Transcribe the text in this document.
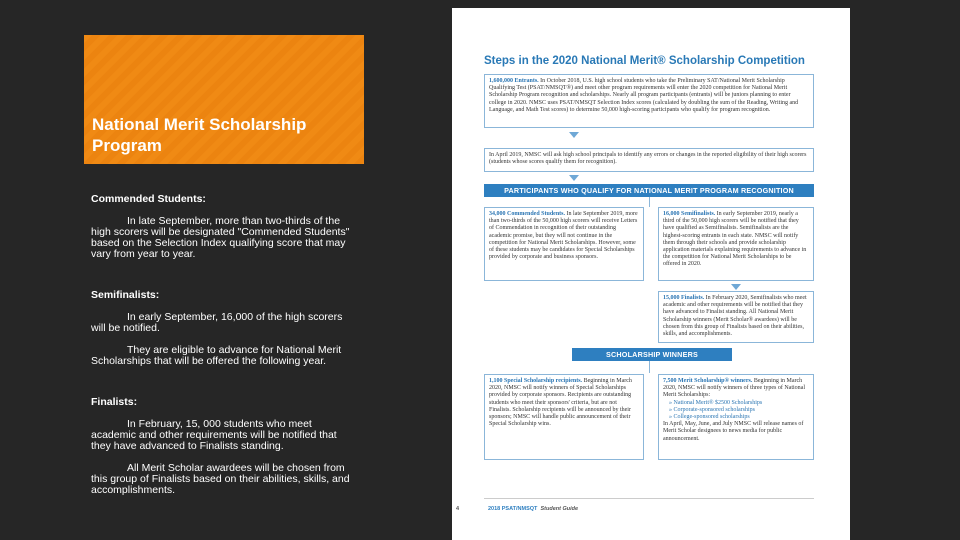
National Merit Scholarship Program

Commended Students:

In late September, more than two-thirds of the high scorers will be designated "Commended Students" based on the Selection Index qualifying score that may vary from year to year.

Semifinalists:

In early September, 16,000 of the high scorers will be notified.

They are eligible to advance for National Merit Scholarships that will be offered the following year.

Finalists:

In February, 15, 000 students who meet academic and other requirements will be notified that they have advanced to Finalists standing.

All Merit Scholar awardees will be chosen from this group of Finalists based on their abilities, skills, and accomplishments.

Steps in the 2020 National Merit® Scholarship Competition
1,600,000 Entrants. In October 2018, U.S. high school students who take the Preliminary SAT/National Merit Scholarship Qualifying Test (PSAT/NMSQT®) and meet other program requirements will enter the 2020 competition for National Merit Scholarship Program recognition and scholarships. Nearly all program participants (entrants) will be juniors planning to enter college in 2020. NMSC uses PSAT/NMSQT Selection Index scores (calculated by doubling the sum of the Reading, Writing and Language, and Math Test scores) to determine 50,000 high-scoring participants who qualify for program recognition.
In April 2019, NMSC will ask high school principals to identify any errors or changes in the reported eligibility of their high scorers (students whose scores qualify them for recognition).
PARTICIPANTS WHO QUALIFY FOR NATIONAL MERIT PROGRAM RECOGNITION
34,000 Commended Students. In late September 2019, more than two-thirds of the 50,000 high scorers will receive Letters of Commendation in recognition of their outstanding academic promise, but they will not continue in the competition for National Merit Scholarships. However, some of these students may be candidates for Special Scholarships provided by corporate and business sponsors.
16,000 Semifinalists. In early September 2019, nearly a third of the 50,000 high scorers will be notified that they have qualified as Semifinalists. Semifinalists are the highest-scoring entrants in each state. NMSC will notify them through their schools and provide scholarship application materials explaining requirements to advance in the competition for National Merit Scholarships to be offered in 2020.
15,000 Finalists. In February 2020, Semifinalists who meet academic and other requirements will be notified that they have advanced to Finalist standing. All National Merit Scholarship winners (Merit Scholar® awardees) will be chosen from this group of Finalists based on their abilities, skills, and accomplishments.
SCHOLARSHIP WINNERS
1,100 Special Scholarship recipients. Beginning in March 2020, NMSC will notify winners of Special Scholarships provided by corporate sponsors. Recipients are outstanding students who meet their sponsors' criteria, but are not Finalists. Scholarship recipients will be announced by their sponsors; NMSC will handle public announcement of their Special Scholarship wins.
7,500 Merit Scholarship® winners. Beginning in March 2020, NMSC will notify winners of three types of National Merit Scholarships:
» National Merit® $2500 Scholarships
» Corporate-sponsored scholarships
» College-sponsored scholarships
In April, May, June, and July NMSC will release names of Merit Scholar designees to news media for public announcement.
4	2018 PSAT/NMSQT Student Guide
